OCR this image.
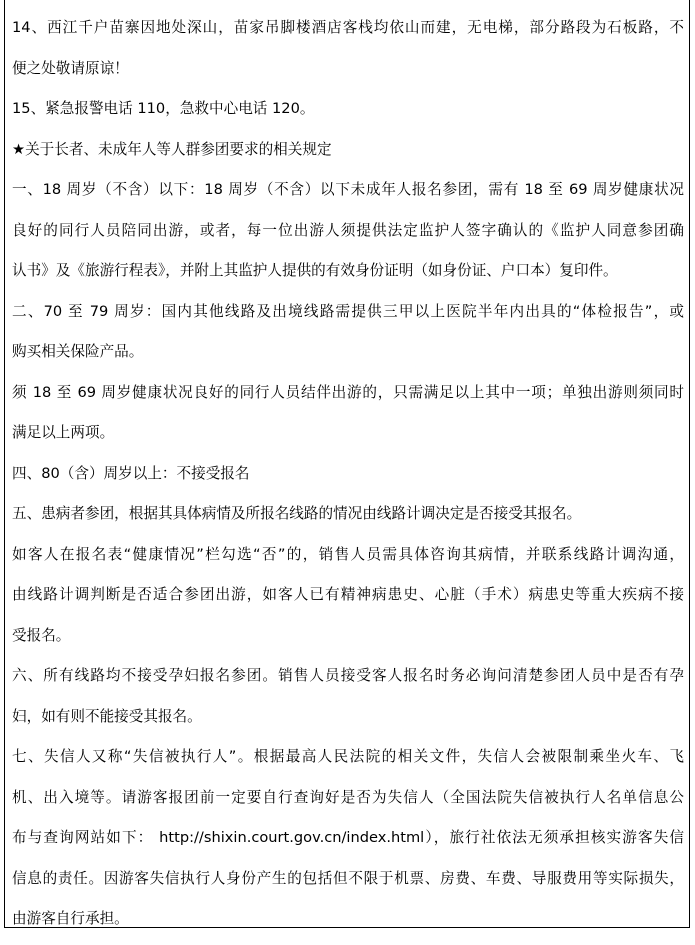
14、西江千户苗寨因地处深山，苗家吊脚楼酒店客栈均依山而建，无电梯，部分路段为石板路，不
便之处敬请原谅！
15、紧急报警电话 110，急救中心电话 120。
★关于长者、未成年人等人群参团要求的相关规定
一、18 周岁（不含）以下：18 周岁（不含）以下未成年人报名参团，需有 18 至 69 周岁健康状况
良好的同行人员陪同出游，或者，每一位出游人须提供法定监护人签字确认的《监护人同意参团确
认书》及《旅游行程表》，并附上其监护人提供的有效身份证明（如身份证、户口本）复印件。
二、70 至 79 周岁：国内其他线路及出境线路需提供三甲以上医院半年内出具的“体检报告”，或
购买相关保险产品。
须 18 至 69 周岁健康状况良好的同行人员结伴出游的，只需满足以上其中一项；单独出游则须同时
满足以上两项。
四、80（含）周岁以上：不接受报名
五、患病者参团，根据其具体病情及所报名线路的情况由线路计调决定是否接受其报名。
如客人在报名表“健康情况”栏勾选“否”的，销售人员需具体咨询其病情，并联系线路计调沟通，
由线路计调判断是否适合参团出游，如客人已有精神病患史、心脏（手术）病患史等重大疾病不接
受报名。
六、所有线路均不接受孕妇报名参团。销售人员接受客人报名时务必询问清楚参团人员中是否有孕
妇，如有则不能接受其报名。
七、失信人又称“失信被执行人”。根据最高人民法院的相关文件，失信人会被限制乘坐火车、飞
机、出入境等。请游客报团前一定要自行查询好是否为失信人（全国法院失信被执行人名单信息公
布与查询网站如下： http://shixin.court.gov.cn/index.html），旅行社依法无须承担核实游客失信
信息的责任。因游客失信执行人身份产生的包括但不限于机票、房费、车费、导服费用等实际损失，
由游客自行承担。
